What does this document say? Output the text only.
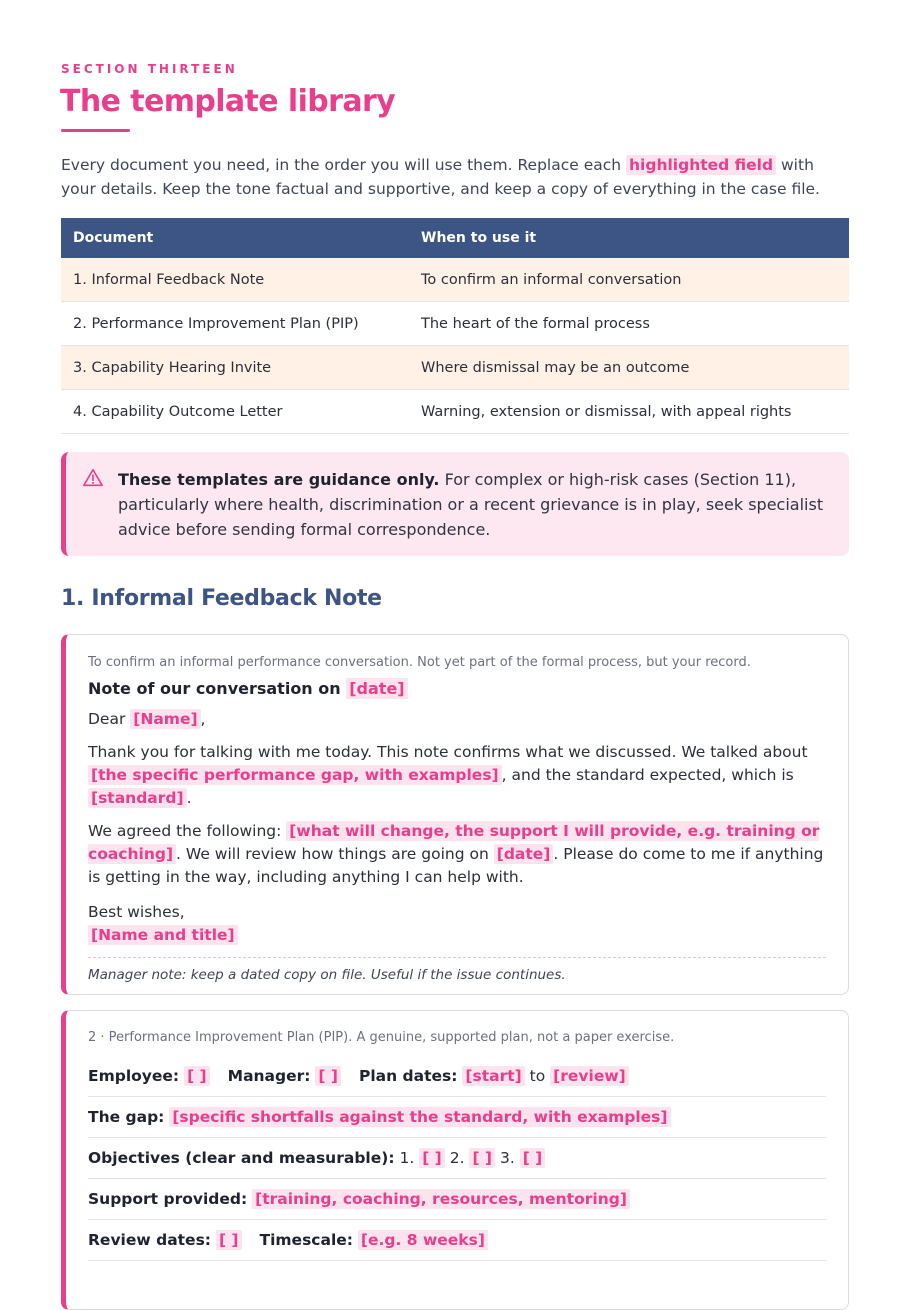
SECTION THIRTEEN
The template library
Every document you need, in the order you will use them. Replace each highlighted field with your details. Keep the tone factual and supportive, and keep a copy of everything in the case file.
Document	When to use it
1. Informal Feedback Note	To confirm an informal conversation
2. Performance Improvement Plan (PIP)	The heart of the formal process
3. Capability Hearing Invite	Where dismissal may be an outcome
4. Capability Outcome Letter	Warning, extension or dismissal, with appeal rights
These templates are guidance only. For complex or high-risk cases (Section 11), particularly where health, discrimination or a recent grievance is in play, seek specialist advice before sending formal correspondence.
1. Informal Feedback Note
To confirm an informal performance conversation. Not yet part of the formal process, but your record.
Note of our conversation on [date]
Dear [Name] ,
Thank you for talking with me today. This note confirms what we discussed. We talked about [the specific performance gap, with examples] , and the standard expected, which is [standard] .
We agreed the following: [what will change, the support I will provide, e.g. training or coaching] . We will review how things are going on [date] . Please do come to me if anything is getting in the way, including anything I can help with.
Best wishes,
[Name and title]
Manager note: keep a dated copy on file. Useful if the issue continues.
2 · Performance Improvement Plan (PIP). A genuine, supported plan, not a paper exercise.
Employee: [ ] Manager: [ ] Plan dates: [start] to [review]
The gap: [specific shortfalls against the standard, with examples]
Objectives (clear and measurable): 1. [ ] 2. [ ] 3. [ ]
Support provided: [training, coaching, resources, mentoring]
Review dates: [ ] Timescale: [e.g. 8 weeks]
